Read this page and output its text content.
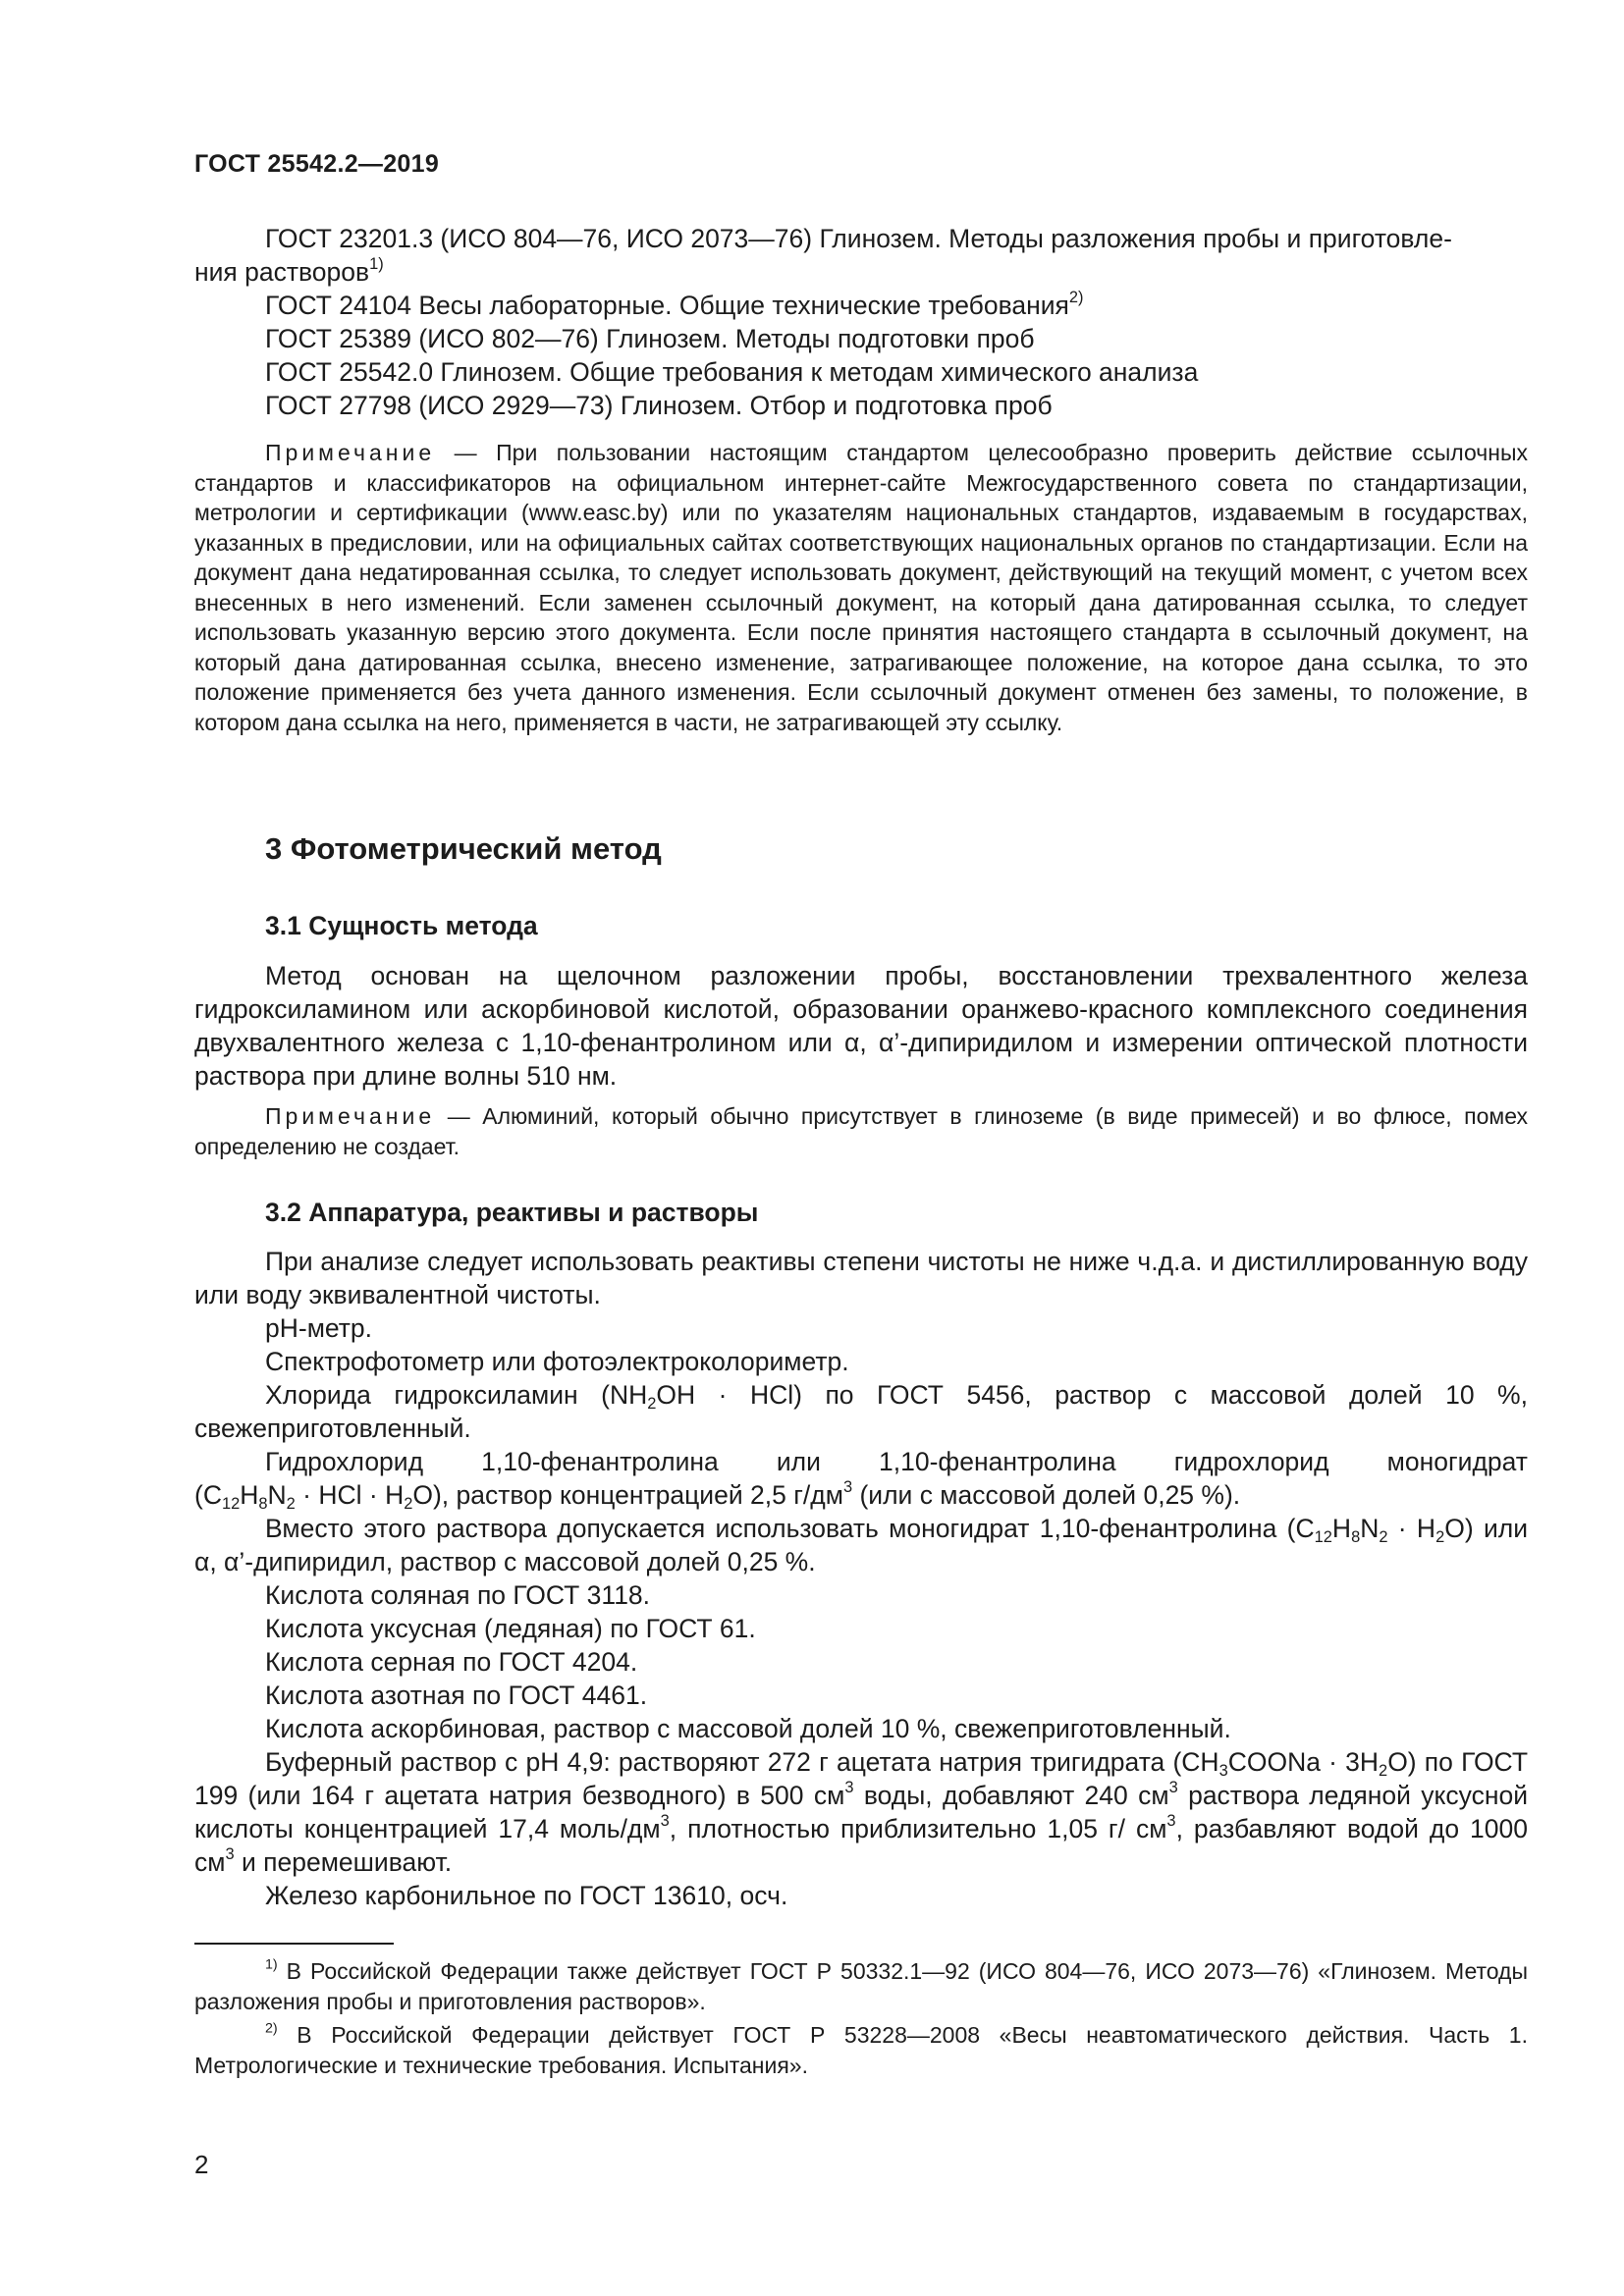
ГОСТ 25542.2—2019
ГОСТ 23201.3 (ИСО 804—76, ИСО 2073—76) Глинозем. Методы разложения пробы и приготовле-
ния растворов$^{1)}$
ГОСТ 24104 Весы лабораторные. Общие технические требования$^{2)}$
ГОСТ 25389 (ИСО 802—76) Глинозем. Методы подготовки проб
ГОСТ 25542.0 Глинозем. Общие требования к методам химического анализа
ГОСТ 27798 (ИСО 2929—73) Глинозем. Отбор и подготовка проб

Примечание — При пользовании настоящим стандартом целесообразно проверить действие ссылочных стандартов и классификаторов на официальном интернет-сайте Межгосударственного совета по стандартизации, метрологии и сертификации (www.easc.by) или по указателям национальных стандартов, издаваемым в государствах, указанных в предисловии, или на официальных сайтах соответствующих национальных органов по стандартизации. Если на документ дана недатированная ссылка, то следует использовать документ, действующий на текущий момент, с учетом всех внесенных в него изменений. Если заменен ссылочный документ, на который дана датированная ссылка, то следует использовать указанную версию этого документа. Если после принятия настоящего стандарта в ссылочный документ, на который дана датированная ссылка, внесено изменение, затрагивающее положение, на которое дана ссылка, то это положение применяется без учета данного изменения. Если ссылочный документ отменен без замены, то положение, в котором дана ссылка на него, применяется в части, не затрагивающей эту ссылку.

3 Фотометрический метод
3.1 Сущность метода

Метод основан на щелочном разложении пробы, восстановлении трехвалентного железа гидроксиламином или аскорбиновой кислотой, образовании оранжево-красного комплексного соединения двухвалентного железа с 1,10-фенантролином или α, α’-дипиридилом и измерении оптической плотности раствора при длине волны 510 нм.

Примечание — Алюминий, который обычно присутствует в глиноземе (в виде примесей) и во флюсе, помех определению не создает.

3.2 Аппаратура, реактивы и растворы

При анализе следует использовать реактивы степени чистоты не ниже ч.д.а. и дистиллированную воду или воду эквивалентной чистоты.

рН-метр.

Спектрофотометр или фотоэлектроколориметр.

Хлорида гидроксиламин $(NH_2OH \cdot HCl)$ по ГОСТ 5456, раствор с массовой долей 10 %, свежеприготовленный.

Гидрохлорид 1,10-фенантролина или 1,10-фенантролина гидрохлорид моногидрат

($C_{12}H_8N_2$ · HCl · $H_2O$), раствор концентрацией 2,5 $г/дм^3$ (или с массовой долей 0,25 %).

Вместо этого раствора допускается использовать моногидрат 1,10-фенантролина $(C_{12}H_8N_2 \cdot H_2O)$ или α, α’-дипиридил, раствор с массовой долей 0,25 %.

Кислота соляная по ГОСТ 3118.

Кислота уксусная (ледяная) по ГОСТ 61.

Кислота серная по ГОСТ 4204.

Кислота азотная по ГОСТ 4461.

Кислота аскорбиновая, раствор с массовой долей 10 %, свежеприготовленный.

Буферный раствор с рН 4,9: растворяют 272 г ацетата натрия тригидрата $(CH_3COONa \cdot 3H_2O)$ по ГОСТ 199 (или 164 г ацетата натрия безводного) в 500 $см^3$ воды, добавляют 240 $см^3$ раствора ледяной уксусной кислоты концентрацией 17,4 моль/$дм^3$, плотностью приблизительно 1,05 г/ $см^3$, разбавляют водой до 1000 $см^3$ и перемешивают.

Железо карбонильное по ГОСТ 13610, осч.

$^{1)}$ В Российской Федерации также действует ГОСТ Р 50332.1—92 (ИСО 804—76, ИСО 2073—76) «Глинозем. Методы разложения пробы и приготовления растворов».

$^{2)}$ В Российской Федерации действует ГОСТ Р 53228—2008 «Весы неавтоматического действия. Часть 1. Метрологические и технические требования. Испытания».

2
